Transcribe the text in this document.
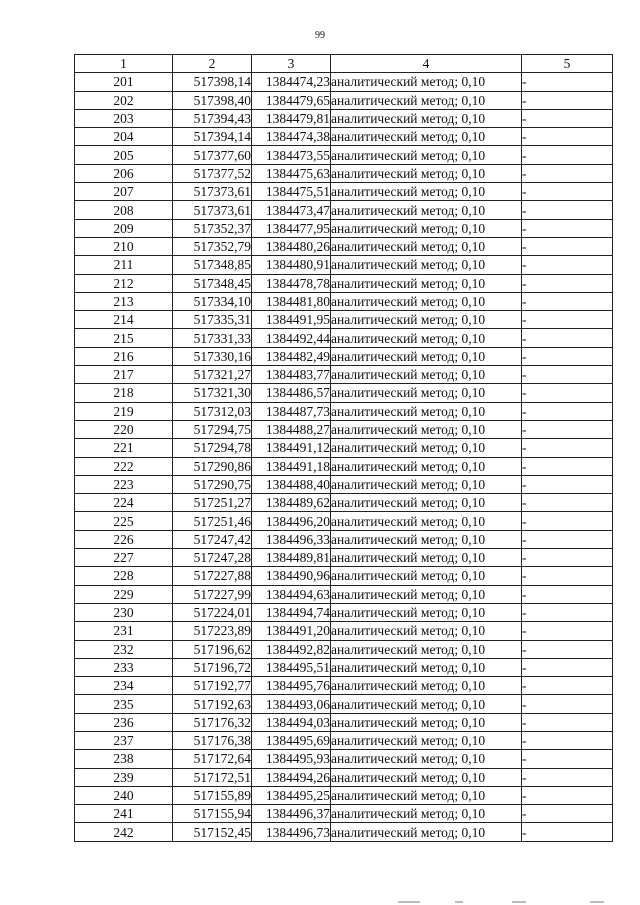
99
1	2	3	4	5
201	517398,14	1384474,23	аналитический метод; 0,10	-
202	517398,40	1384479,65	аналитический метод; 0,10	-
203	517394,43	1384479,81	аналитический метод; 0,10	-
204	517394,14	1384474,38	аналитический метод; 0,10	-
205	517377,60	1384473,55	аналитический метод; 0,10	-
206	517377,52	1384475,63	аналитический метод; 0,10	-
207	517373,61	1384475,51	аналитический метод; 0,10	-
208	517373,61	1384473,47	аналитический метод; 0,10	-
209	517352,37	1384477,95	аналитический метод; 0,10	-
210	517352,79	1384480,26	аналитический метод; 0,10	-
211	517348,85	1384480,91	аналитический метод; 0,10	-
212	517348,45	1384478,78	аналитический метод; 0,10	-
213	517334,10	1384481,80	аналитический метод; 0,10	-
214	517335,31	1384491,95	аналитический метод; 0,10	-
215	517331,33	1384492,44	аналитический метод; 0,10	-
216	517330,16	1384482,49	аналитический метод; 0,10	-
217	517321,27	1384483,77	аналитический метод; 0,10	-
218	517321,30	1384486,57	аналитический метод; 0,10	-
219	517312,03	1384487,73	аналитический метод; 0,10	-
220	517294,75	1384488,27	аналитический метод; 0,10	-
221	517294,78	1384491,12	аналитический метод; 0,10	-
222	517290,86	1384491,18	аналитический метод; 0,10	-
223	517290,75	1384488,40	аналитический метод; 0,10	-
224	517251,27	1384489,62	аналитический метод; 0,10	-
225	517251,46	1384496,20	аналитический метод; 0,10	-
226	517247,42	1384496,33	аналитический метод; 0,10	-
227	517247,28	1384489,81	аналитический метод; 0,10	-
228	517227,88	1384490,96	аналитический метод; 0,10	-
229	517227,99	1384494,63	аналитический метод; 0,10	-
230	517224,01	1384494,74	аналитический метод; 0,10	-
231	517223,89	1384491,20	аналитический метод; 0,10	-
232	517196,62	1384492,82	аналитический метод; 0,10	-
233	517196,72	1384495,51	аналитический метод; 0,10	-
234	517192,77	1384495,76	аналитический метод; 0,10	-
235	517192,63	1384493,06	аналитический метод; 0,10	-
236	517176,32	1384494,03	аналитический метод; 0,10	-
237	517176,38	1384495,69	аналитический метод; 0,10	-
238	517172,64	1384495,93	аналитический метод; 0,10	-
239	517172,51	1384494,26	аналитический метод; 0,10	-
240	517155,89	1384495,25	аналитический метод; 0,10	-
241	517155,94	1384496,37	аналитический метод; 0,10	-
242	517152,45	1384496,73	аналитический метод; 0,10	-
